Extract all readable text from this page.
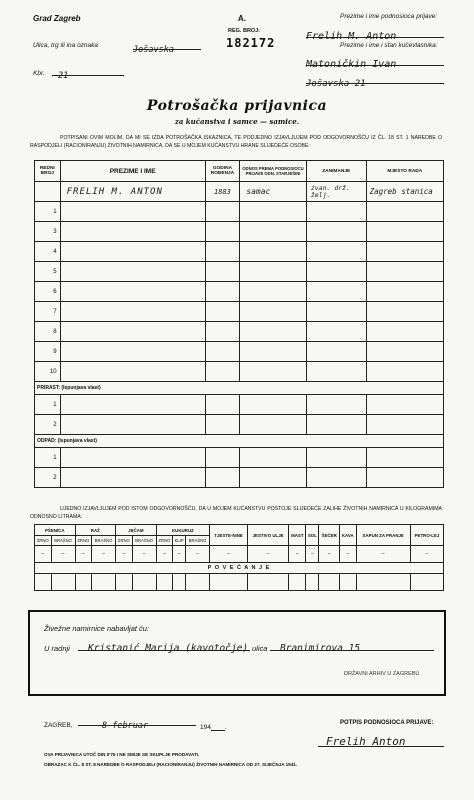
Grad Zagreb	A.
REG. BROJ:
182172
Ulica, trg ili ina oznaka	Jošavska
Kbr.	21
Prezime i ime podnosioca prijave:
Frelih M. Anton
Prezime i ime i stan kućevlasnika:
Matoničkin Ivan
Jošavska 21
Potrošačka prijavnica
za kućanstva i samce — samice.
POTPISANI OVIM MOLIM, DA MI SE IZDA POTROŠAČKA ISKAZNICA, TE PODJEDNO IZJAVLJUJEM POD ODGOVORNOŠĆU IZ ČL. 18 ST. 1 NAREDBE O RASPODJELI (RACIONIRANJU) ŽIVOTNIH NAMIRNICA, DA SE U MOJEM KUĆANSTVU HRANE SLIJEDEĆE OSOBE:
REDNI BROJ	PREZIME I IME	GODINA ROĐENJA	ODNOS PREMA PODNOSIOCU PRIJAVE ODN. STARJEŠINI	ZANIMANJE	MJESTO RADA
	FRELIH M. ANTON	1883	samac	zvan. drž. želj.	Zagreb stanica
1					
3					
4					
5					
6					
7					
8					
9					
10					
PRIRAST: (Ispunjava vlast)					
1					
2					
ODPAD: (Ispunjava vlast)					
1					
2					
UJEDNO IZJAVLJUJEM POD ISTOM ODGOVORNOŠĆU, DA U MOJEM KUĆANSTVU POSTOJE SLIJEDEĆE ZALIHE ŽIVOTNIH NAMIRNICA U KILOGRAMIMA ODNOSNO LITRAMA:
PŠENICA		RAŽ		JEČAM		KUKURUZ			TJESTE-NINE	JESTIVO ULJE	MAST	SOL	ŠEĆER	KAVA	SAPUN ZA PRANJE	PETRO-LEJ
ZRNO	BRAŠNO	ZRNO	BRAŠNO	ZRNO	BRAŠNO	ZRNO	KLIP	BRAŠNO								
–	–	–	–	–	–	–	–	–	–	–	–	–	–	–	–	–
P O V E Ć A N J E																

Živežne namirnice nabavljat ću:
U radnji	Kristanić Marija (kavotočje) ulica	Branimirova 15
DRŽAVNI ARHIV U ZAGREBU
ZAGREB,	8 februar	194 .
POTPIS PODNOSIOCA PRIJAVE:
Frelih Anton
OVA PRIJAVNICA UTOČ DIN 0'75 I NE SMIJE SE SKUPLJE PRODAVATI.
OBRAZAC K ČL. 8 ST. 8 NAREDBE O RASPODJELI (RACIONIRANJU) ŽIVOTNIH NAMIRNICA OD 27. SIJEČNJA 1941.
